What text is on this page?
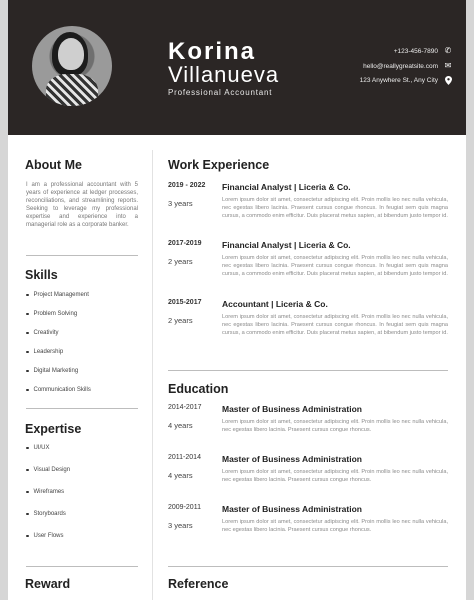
Korina
Villanueva
Professional Accountant
+123-456-7890 ✆
hello@reallygreatsite.com ✉
123 Anywhere St., Any City
About Me
I am a professional accountant with 5 years of experience at ledger processes, reconciliations, and streamlining reports. Seeking to leverage my professional expertise and experience into a managerial role as a corporate banker.
Skills
Project Management
Problem Solving
Creativity
Leadership
Digital Marketing
Communication Skills
Expertise
UI/UX
Visual Design
Wireframes
Storyboards
User Flows
Reward
Work Experience
2019 - 2022
3 years
Financial Analyst | Liceria & Co.
Lorem ipsum dolor sit amet, consectetur adipiscing elit. Proin mollis leo nec nulla vehicula, nec egestas libero lacinia. Praesent cursus congue rhoncus. In feugiat sem quis magna cursus, a commodo enim efficitur. Duis placerat metus sapien, at bibendum justo tempor id.
2017-2019
2 years
Financial Analyst | Liceria & Co.
Lorem ipsum dolor sit amet, consectetur adipiscing elit. Proin mollis leo nec nulla vehicula, nec egestas libero lacinia. Praesent cursus congue rhoncus. In feugiat sem quis magna cursus, a commodo enim efficitur. Duis placerat metus sapien, at bibendum justo tempor id.
2015-2017
2 years
Accountant | Liceria & Co.
Lorem ipsum dolor sit amet, consectetur adipiscing elit. Proin mollis leo nec nulla vehicula, nec egestas libero lacinia. Praesent cursus congue rhoncus. In feugiat sem quis magna cursus, a commodo enim efficitur. Duis placerat metus sapien, at bibendum justo tempor id.
Education
2014-2017
4 years
Master of Business Administration
Lorem ipsum dolor sit amet, consectetur adipiscing elit. Proin mollis leo nec nulla vehicula, nec egestas libero lacinia. Praesent cursus congue rhoncus.
2011-2014
4 years
Master of Business Administration
Lorem ipsum dolor sit amet, consectetur adipiscing elit. Proin mollis leo nec nulla vehicula, nec egestas libero lacinia. Praesent cursus congue rhoncus.
2009-2011
3 years
Master of Business Administration
Lorem ipsum dolor sit amet, consectetur adipiscing elit. Proin mollis leo nec nulla vehicula, nec egestas libero lacinia. Praesent cursus congue rhoncus.
Reference
